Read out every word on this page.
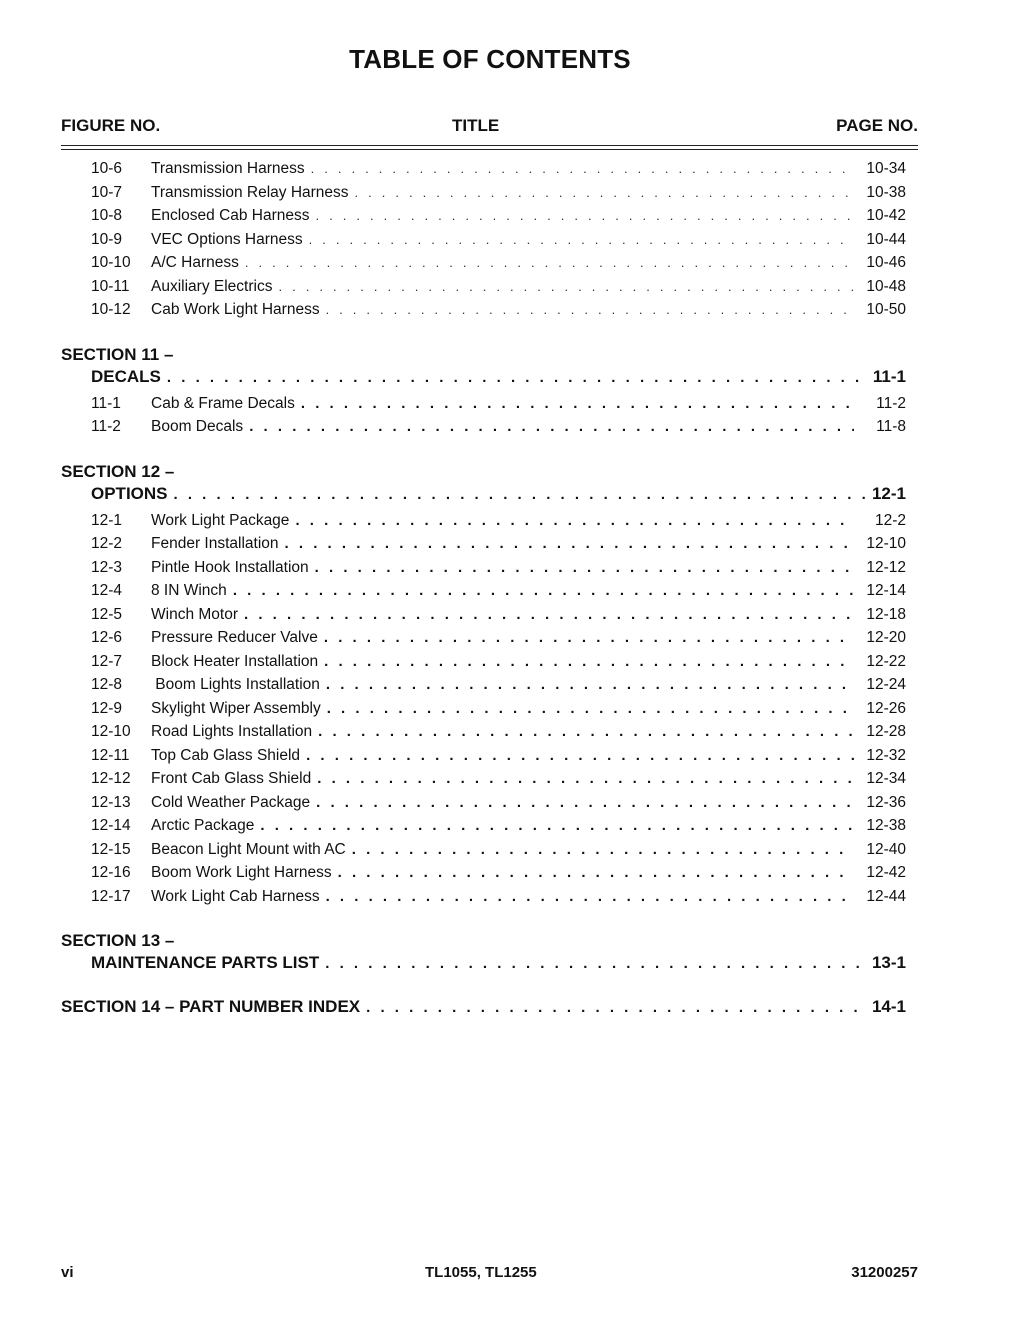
TABLE OF CONTENTS
FIGURE NO.	TITLE	PAGE NO.
10-6	Transmission Harness . . .	10-34
10-7	Transmission Relay Harness . . .	10-38
10-8	Enclosed Cab Harness . . .	10-42
10-9	VEC Options Harness . . .	10-44
10-10	A/C Harness . . .	10-46
10-11	Auxiliary Electrics . . .	10-48
10-12	Cab Work Light Harness . . .	10-50
SECTION 11 –
DECALS . . .	11-1
11-1	Cab & Frame Decals . . .	11-2
11-2	Boom Decals . . .	11-8
SECTION 12 –
OPTIONS . . .	12-1
12-1	Work Light Package . . .	12-2
12-2	Fender Installation . . .	12-10
12-3	Pintle Hook Installation . . .	12-12
12-4	8 IN Winch . . .	12-14
12-5	Winch Motor . . .	12-18
12-6	Pressure Reducer Valve . . .	12-20
12-7	Block Heater Installation . . .	12-22
12-8	Boom Lights Installation . . .	12-24
12-9	Skylight Wiper Assembly . . .	12-26
12-10	Road Lights Installation . . .	12-28
12-11	Top Cab Glass Shield . . .	12-32
12-12	Front Cab Glass Shield . . .	12-34
12-13	Cold Weather Package . . .	12-36
12-14	Arctic Package . . .	12-38
12-15	Beacon Light Mount with AC . . .	12-40
12-16	Boom Work Light Harness . . .	12-42
12-17	Work Light Cab Harness . . .	12-44
SECTION 13 –
MAINTENANCE PARTS LIST . . .	13-1
SECTION 14 – PART NUMBER INDEX . . .	14-1
vi	TL1055, TL1255	31200257
